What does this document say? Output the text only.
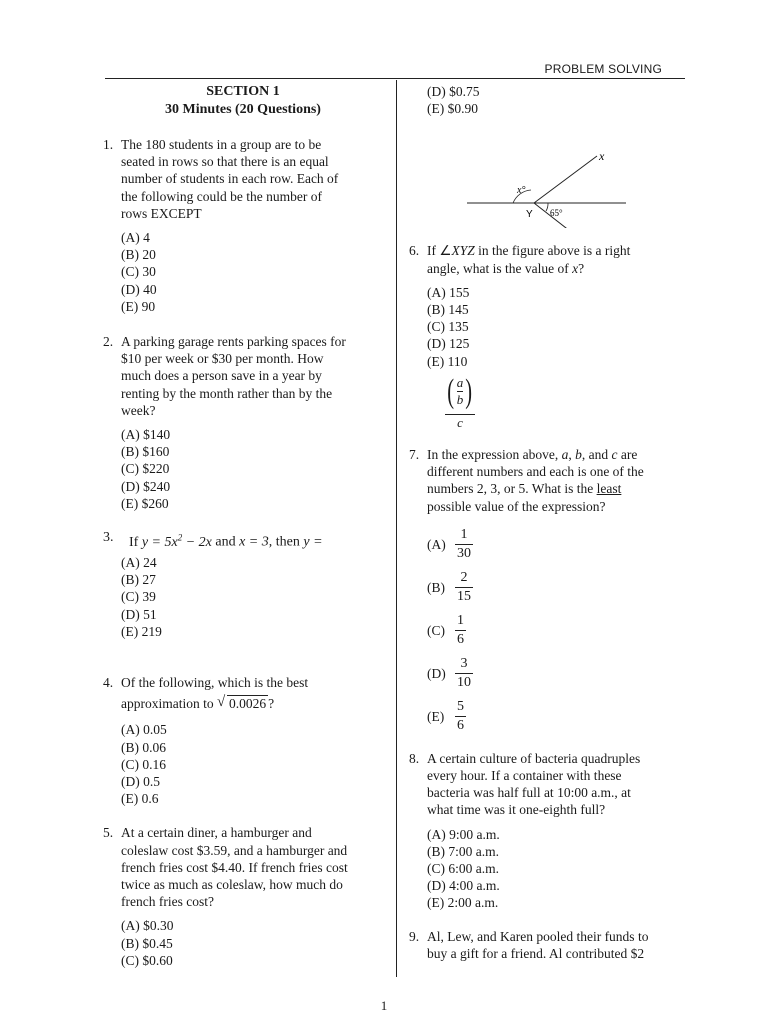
PROBLEM SOLVING
SECTION 1
30 Minutes (20 Questions)
1. The 180 students in a group are to be
seated in rows so that there is an equal
number of students in each row. Each of
the following could be the number of
rows EXCEPT
(A) 4
(B) 20
(C) 30
(D) 40
(E) 90
2. A parking garage rents parking spaces for
$10 per week or $30 per month. How
much does a person save in a year by
renting by the month rather than by the
week?
(A) $140
(B) $160
(C) $220
(D) $240
(E) $260
3. If $y = 5x^2 - 2x$ and x = 3, then y =
(A) 24
(B) 27
(C) 39
(D) 51
(E) 219
4. Of the following, which is the best
approximation to √ 0.0026 ?
(A) 0.05
(B) 0.06
(C) 0.16
(D) 0.5
(E) 0.6
5. At a certain diner, a hamburger and
coleslaw cost $3.59, and a hamburger and
french fries cost $4.40. If french fries cost
twice as much as coleslaw, how much do
french fries cost?
(A) $0.30
(B) $0.45
(C) $0.60
(D) $0.75
(E) $0.90
x
Y
x°
65°
6. If ∠XYZ in the figure above is a right
angle, what is the value of x?
(A) 155
(B) 145
(C) 135
(D) 125
(E) 110
( a
b )
c
7. In the expression above, a, b, and c are
different numbers and each is one of the
numbers 2, 3, or 5. What is the least
possible value of the expression?
$(A) \frac{1}{30}$
$(B) \frac{2}{15}$
$(C) \frac{1}{6}$
$(D) \frac{3}{10}$
$(E) \frac{5}{6}$
8. A certain culture of bacteria quadruples
every hour. If a container with these
bacteria was half full at 10:00 a.m., at
what time was it one-eighth full?
(A) 9:00 a.m.
(B) 7:00 a.m.
(C) 6:00 a.m.
(D) 4:00 a.m.
(E) 2:00 a.m.
9. Al, Lew, and Karen pooled their funds to
buy a gift for a friend. Al contributed $2
1
